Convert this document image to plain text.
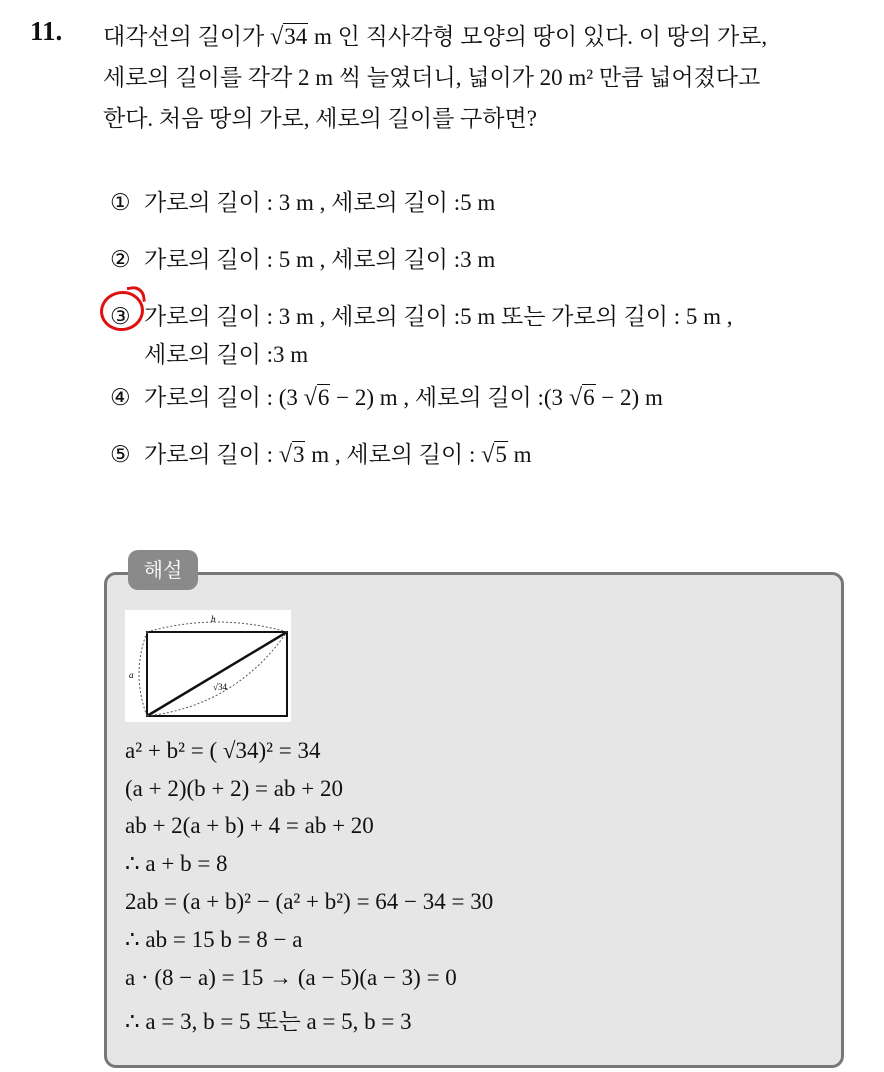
11. 대각선의 길이가 √34 m 인 직사각형 모양의 땅이 있다. 이 땅의 가로,

세로의 길이를 각각 2 m 씩 늘였더니, 넓이가 20 m² 만큼 넓어졌다고

한다. 처음 땅의 가로, 세로의 길이를 구하면?

① 가로의 길이 : 3 m , 세로의 길이 :5 m
② 가로의 길이 : 5 m , 세로의 길이 :3 m
③ 가로의 길이 : 3 m , 세로의 길이 :5 m 또는 가로의 길이 : 5 m ,
세로의 길이 :3 m
④ 가로의 길이 : (3 √6 − 2) m , 세로의 길이 :(3 √6 − 2) m
⑤ 가로의 길이 : √3 m , 세로의 길이 : √5 m
해설
b
a
√34
a² + b² = ( √34)² = 34
(a + 2)(b + 2) = ab + 20
ab + 2(a + b) + 4 = ab + 20
∴ a + b = 8
2ab = (a + b)² − (a² + b²) = 64 − 34 = 30
∴ ab = 15 b = 8 − a
a · (8 − a) = 15 → (a − 5)(a − 3) = 0
∴ a = 3, b = 5 또는 a = 5, b = 3
